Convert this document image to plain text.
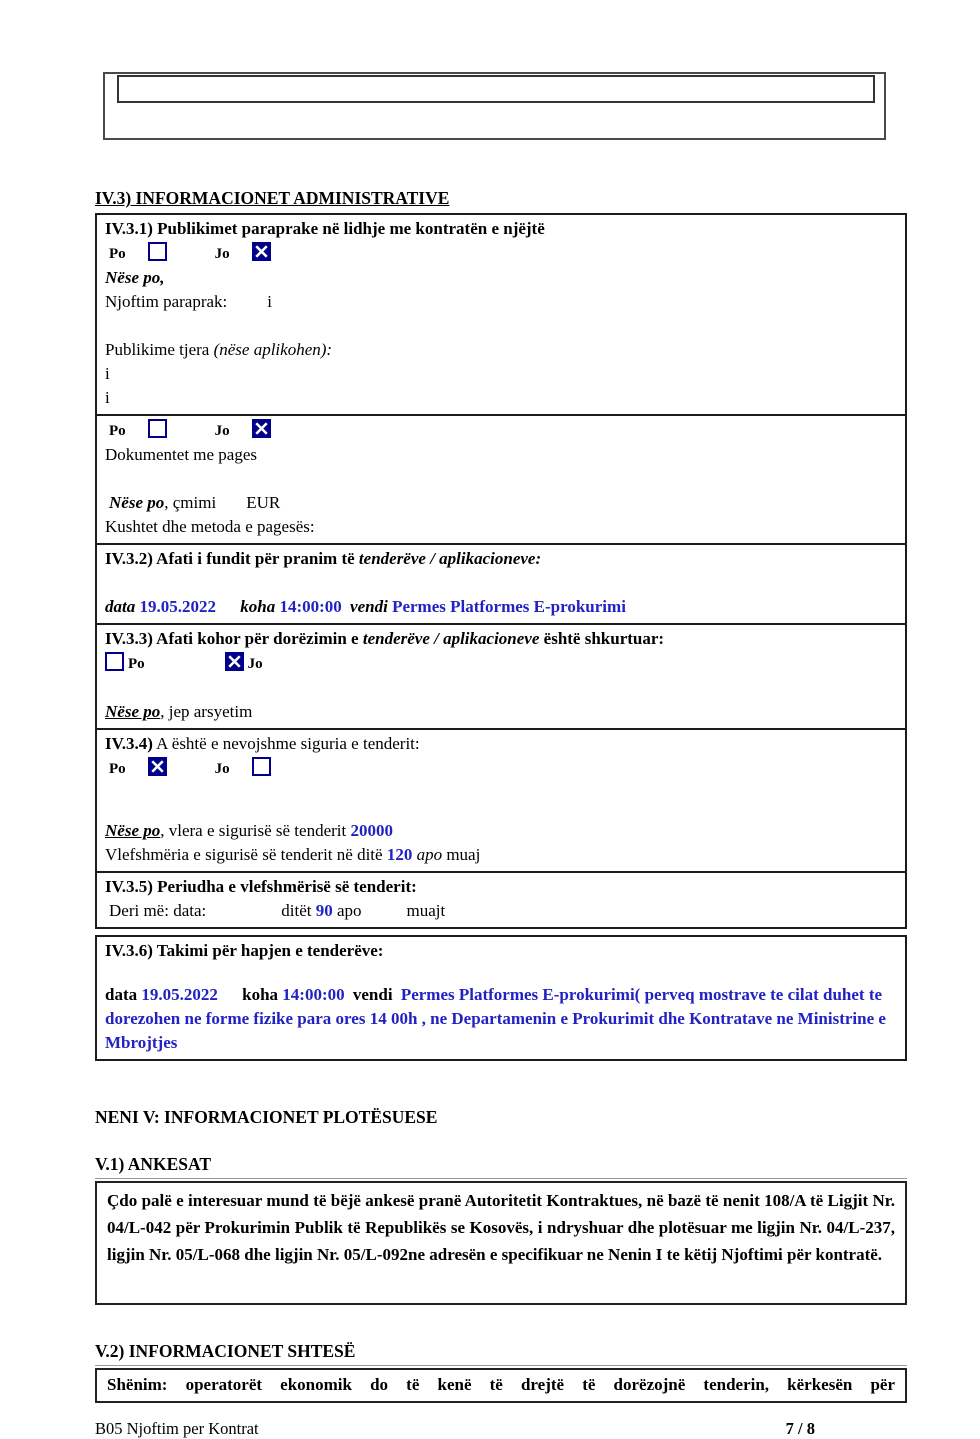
IV.3) INFORMACIONET ADMINISTRATIVE

IV.3.1) Publikimet paraprake në lidhje me kontratën e njëjtë

Po	Jo

Nëse po,

Njoftim paraprak: i

Publikime tjera (nëse aplikohen):

i

i

Po	Jo

Dokumentet me pages

Nëse po, çmimi EUR

Kushtet dhe metoda e pagesës:

IV.3.2) Afati i fundit për pranim të tenderëve / aplikacioneve:

data 19.05.2022 koha 14:00:00 vendi Permes Platformes E-prokurimi

IV.3.3) Afati kohor për dorëzimin e tenderëve / aplikacioneve është shkurtuar:

Po	Jo

Nëse po, jep arsyetim

IV.3.4) A është e nevojshme siguria e tenderit:

Po	Jo

Nëse po, vlera e sigurisë së tenderit 20000

Vlefshmëria e sigurisë së tenderit në ditë 120 apo muaj

IV.3.5) Periudha e vlefshmërisë së tenderit:

Deri më: data:	ditët 90 apo	muajt

IV.3.6) Takimi për hapjen e tenderëve:

data 19.05.2022 koha 14:00:00 vendi Permes Platformes E-prokurimi( perveq mostrave te cilat duhet te dorezohen ne forme fizike para ores 14 00h , ne Departamenin e Prokurimit dhe Kontratave ne Ministrine e Mbrojtjes

NENI V: INFORMACIONET PLOTËSUESE
V.1) ANKESAT

Çdo palë e interesuar mund të bëjë ankesë pranë Autoritetit Kontraktues, në bazë të nenit 108/A të Ligjit Nr. 04/L-042 për Prokurimin Publik të Republikës se Kosovës, i ndryshuar dhe plotësuar me ligjin Nr. 04/L-237, ligjin Nr. 05/L-068 dhe ligjin Nr. 05/L-092ne adresën e specifikuar ne Nenin I te këtij Njoftimi për kontratë.

V.2) INFORMACIONET SHTESË

Shënim: operatorët ekonomik do të kenë të drejtë të dorëzojnë tenderin, kërkesën për

B05 Njoftim per Kontrat	7 / 8
